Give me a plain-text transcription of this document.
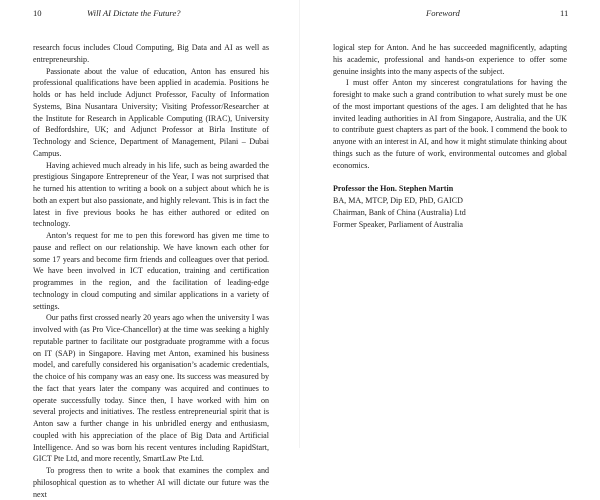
10	Will AI Dictate the Future?

research focus includes Cloud Computing, Big Data and AI as well as entrepreneurship.

Passionate about the value of education, Anton has ensured his professional qualifications have been applied in academia. Positions he holds or has held include Adjunct Professor, Faculty of Information Systems, Bina Nusantara University; Visiting Professor/Researcher at the Institute for Research in Applicable Computing (IRAC), University of Bedfordshire, UK; and Adjunct Professor at Birla Institute of Technology and Science, Department of Management, Pilani – Dubai Campus.

Having achieved much already in his life, such as being awarded the prestigious Singapore Entrepreneur of the Year, I was not surprised that he turned his attention to writing a book on a subject about which he is both an expert but also passionate, and highly relevant. This is in fact the latest in five previous books he has either authored or edited on technology.

Anton’s request for me to pen this foreword has given me time to pause and reflect on our relationship. We have known each other for some 17 years and become firm friends and colleagues over that period. We have been involved in ICT education, training and certification programmes in the region, and the facilitation of leading-edge technology in cloud computing and similar applications in a variety of settings.

Our paths first crossed nearly 20 years ago when the university I was involved with (as Pro Vice-Chancellor) at the time was seeking a highly reputable partner to facilitate our postgraduate programme with a focus on IT (SAP) in Singapore. Having met Anton, examined his business model, and carefully considered his organisation’s academic credentials, the choice of his company was an easy one. Its success was measured by the fact that years later the company was acquired and continues to operate successfully today. Since then, I have worked with him on several projects and initiatives. The restless entrepreneurial spirit that is Anton saw a further change in his unbridled energy and enthusiasm, coupled with his appreciation of the place of Big Data and Artificial Intelligence. And so was born his recent ventures including RapidStart, GICT Pte Ltd, and more recently, SmartLaw Pte Ltd.

To progress then to write a book that examines the complex and philosophical question as to whether AI will dictate our future was the next

Foreword	11

logical step for Anton. And he has succeeded magnificently, adapting his academic, professional and hands-on experience to offer some genuine insights into the many aspects of the subject.

I must offer Anton my sincerest congratulations for having the foresight to make such a grand contribution to what surely must be one of the most important questions of the ages. I am delighted that he has invited leading authorities in AI from Singapore, Australia, and the UK to contribute guest chapters as part of the book. I commend the book to anyone with an interest in AI, and how it might stimulate thinking about things such as the future of work, environmental outcomes and global economics.

Professor the Hon. Stephen Martin
BA, MA, MTCP, Dip ED, PhD, GAICD
Chairman, Bank of China (Australia) Ltd
Former Speaker, Parliament of Australia
